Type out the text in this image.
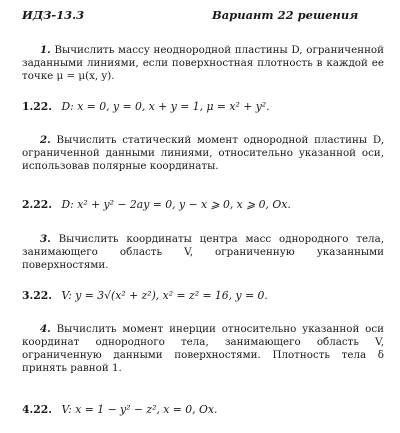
ИДЗ-13.3	Вариант 22 решения

1. Вычислить массу неоднородной пластины D, ограниченной заданными линиями, если поверхностная плотность в каждой ее точке μ = μ(x, y).

1.22. D: x = 0, y = 0, x + y = 1, μ = x² + y².

2. Вычислить статический момент однородной пластины D, ограниченной данными линиями, относительно указанной оси, использовав полярные координаты.

2.22. D: x² + y² − 2ay = 0, y − x ⩾ 0, x ⩾ 0, Ox.

3. Вычислить координаты центра масс однородного тела, занимающего область V, ограниченную указанными поверхностями.

3.22. V: y = 3√(x² + z²), x² = z² = 16, y = 0.

4. Вычислить момент инерции относительно указанной оси координат однородного тела, занимающего область V, ограниченную данными поверхностями. Плотность тела δ принять равной 1.

4.22. V: x = 1 − y² − z², x = 0, Ox.
